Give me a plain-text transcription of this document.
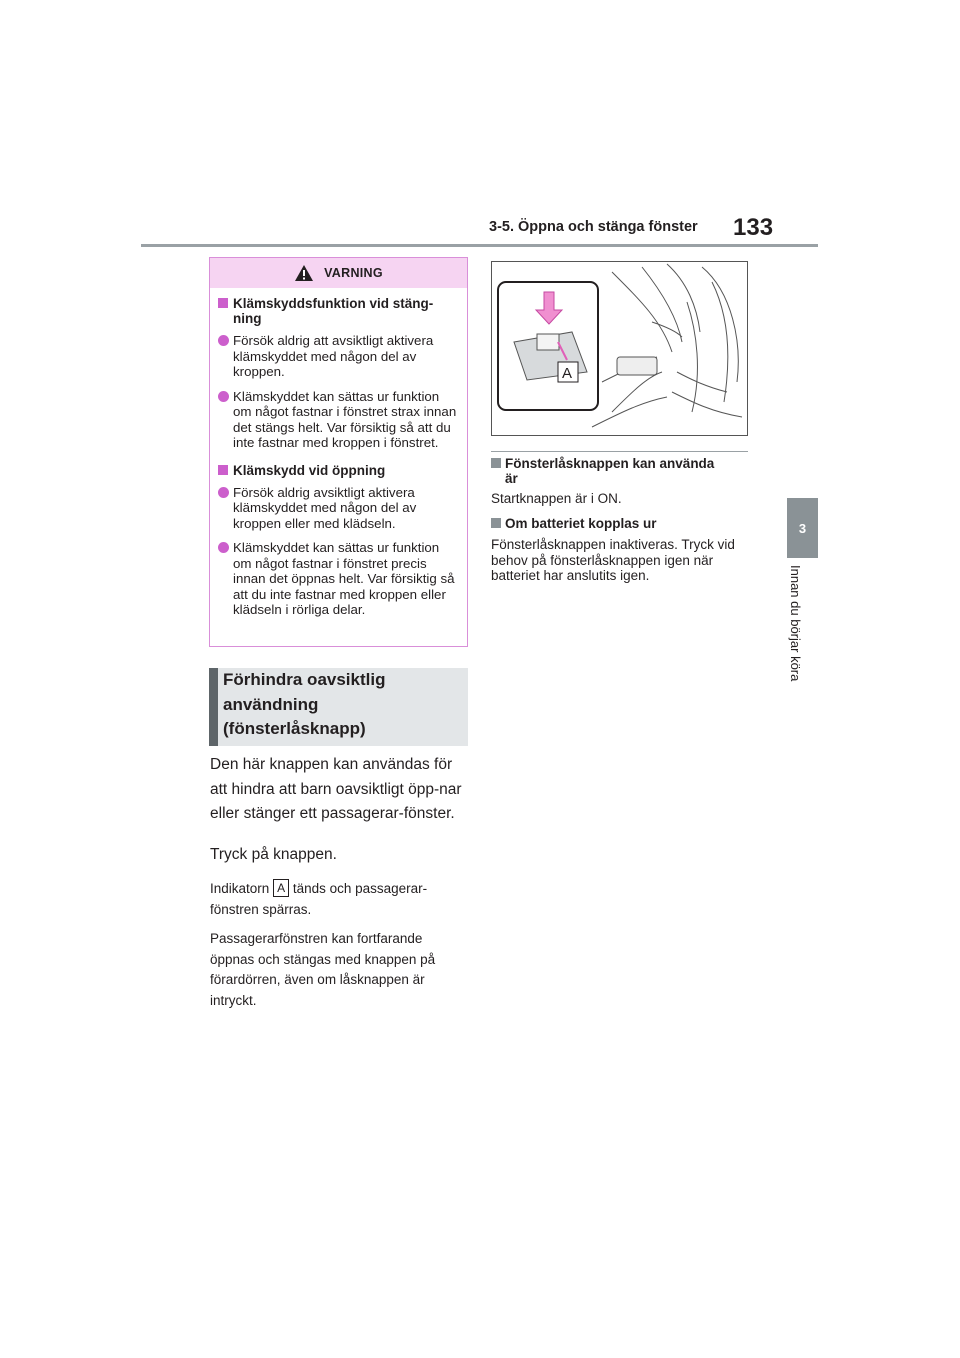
3-5. Öppna och stänga fönster 133
3
Innan du börjar köra
VARNING
Klämskyddsfunktion vid stäng-
ning
Försök aldrig att avsiktligt aktivera klämskyddet med någon del av kroppen.
Klämskyddet kan sättas ur funktion om något fastnar i fönstret strax innan det stängs helt. Var försiktig så att du inte fastnar med kroppen i fönstret.
Klämskydd vid öppning
Försök aldrig avsiktligt aktivera klämskyddet med någon del av kroppen eller med klädseln.
Klämskyddet kan sättas ur funktion om något fastnar i fönstret precis innan det öppnas helt. Var försiktig så att du inte fastnar med kroppen eller klädseln i rörliga delar.
Förhindra oavsiktlig
användning
(fönsterlåsknapp)
Den här knappen kan användas för att hindra att barn oavsiktligt öpp-nar eller stänger ett passagerar-fönster.
Tryck på knappen.
Indikatorn A tänds och passagerar-fönstren spärras.
Passagerarfönstren kan fortfarande öppnas och stängas med knappen på förardörren, även om låsknappen är intryckt.
A
Fönsterlåsknappen kan använda
är
Startknappen är i ON.
Om batteriet kopplas ur
Fönsterlåsknappen inaktiveras. Tryck vid behov på fönsterlåsknappen igen när batteriet har anslutits igen.
